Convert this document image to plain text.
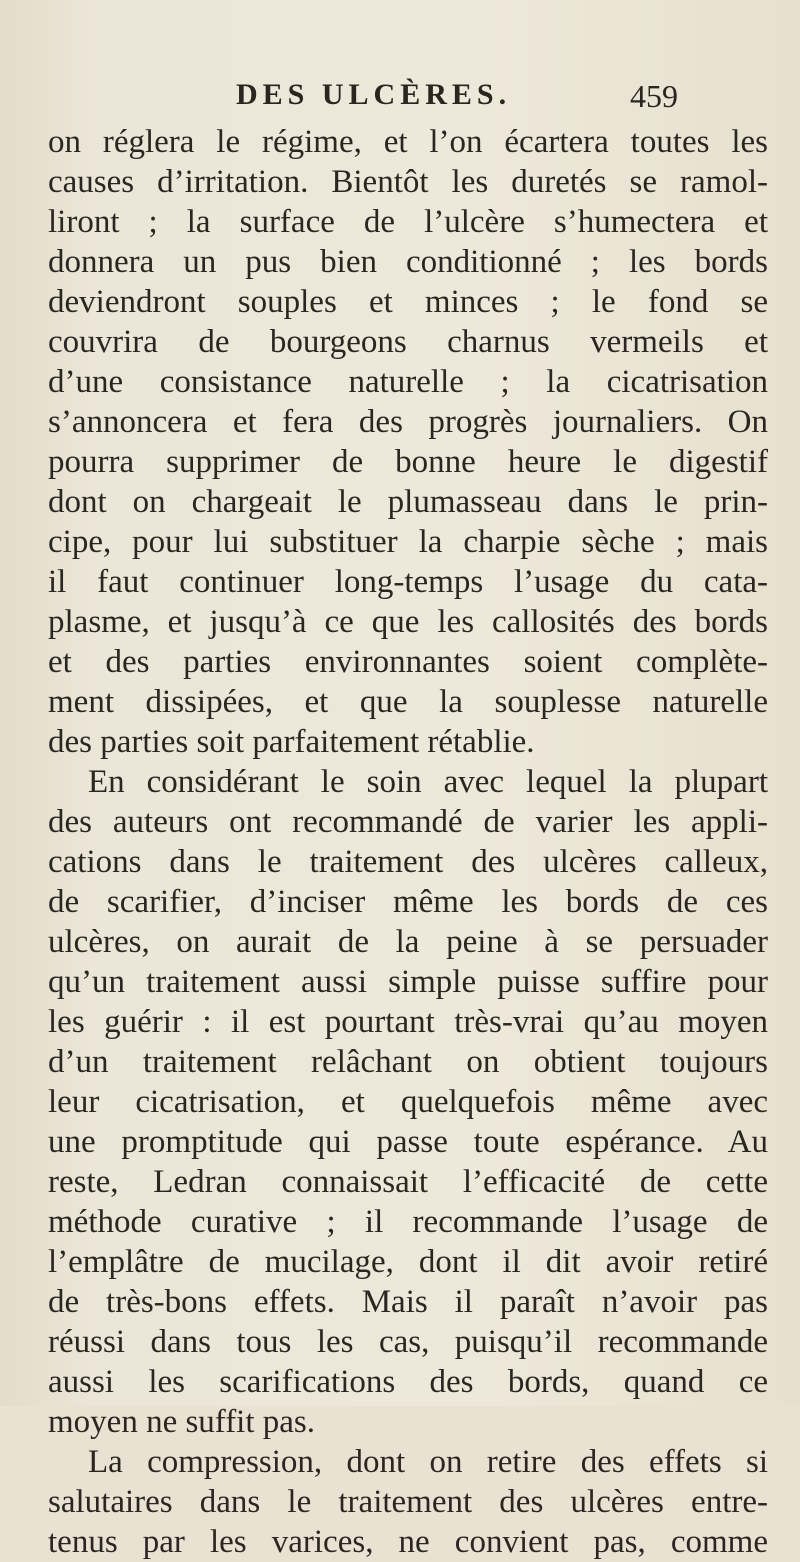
DES ULCÈRES.	459
on réglera le régime, et l’on écartera toutes les
causes d’irritation. Bientôt les duretés se ramol-
liront ; la surface de l’ulcère s’humectera et
donnera un pus bien conditionné ; les bords
deviendront souples et minces ; le fond se
couvrira de bourgeons charnus vermeils et
d’une consistance naturelle ; la cicatrisation
s’annoncera et fera des progrès journaliers. On
pourra supprimer de bonne heure le digestif
dont on chargeait le plumasseau dans le prin-
cipe, pour lui substituer la charpie sèche ; mais
il faut continuer long-temps l’usage du cata-
plasme, et jusqu’à ce que les callosités des bords
et des parties environnantes soient complète-
ment dissipées, et que la souplesse naturelle
des parties soit parfaitement rétablie.
En considérant le soin avec lequel la plupart
des auteurs ont recommandé de varier les appli-
cations dans le traitement des ulcères calleux,
de scarifier, d’inciser même les bords de ces
ulcères, on aurait de la peine à se persuader
qu’un traitement aussi simple puisse suffire pour
les guérir : il est pourtant très-vrai qu’au moyen
d’un traitement relâchant on obtient toujours
leur cicatrisation, et quelquefois même avec
une promptitude qui passe toute espérance. Au
reste, Ledran connaissait l’efficacité de cette
méthode curative ; il recommande l’usage de
l’emplâtre de mucilage, dont il dit avoir retiré
de très-bons effets. Mais il paraît n’avoir pas
réussi dans tous les cas, puisqu’il recommande
aussi les scarifications des bords, quand ce
moyen ne suffit pas.
La compression, dont on retire des effets si
salutaires dans le traitement des ulcères entre-
tenus par les varices, ne convient pas, comme
